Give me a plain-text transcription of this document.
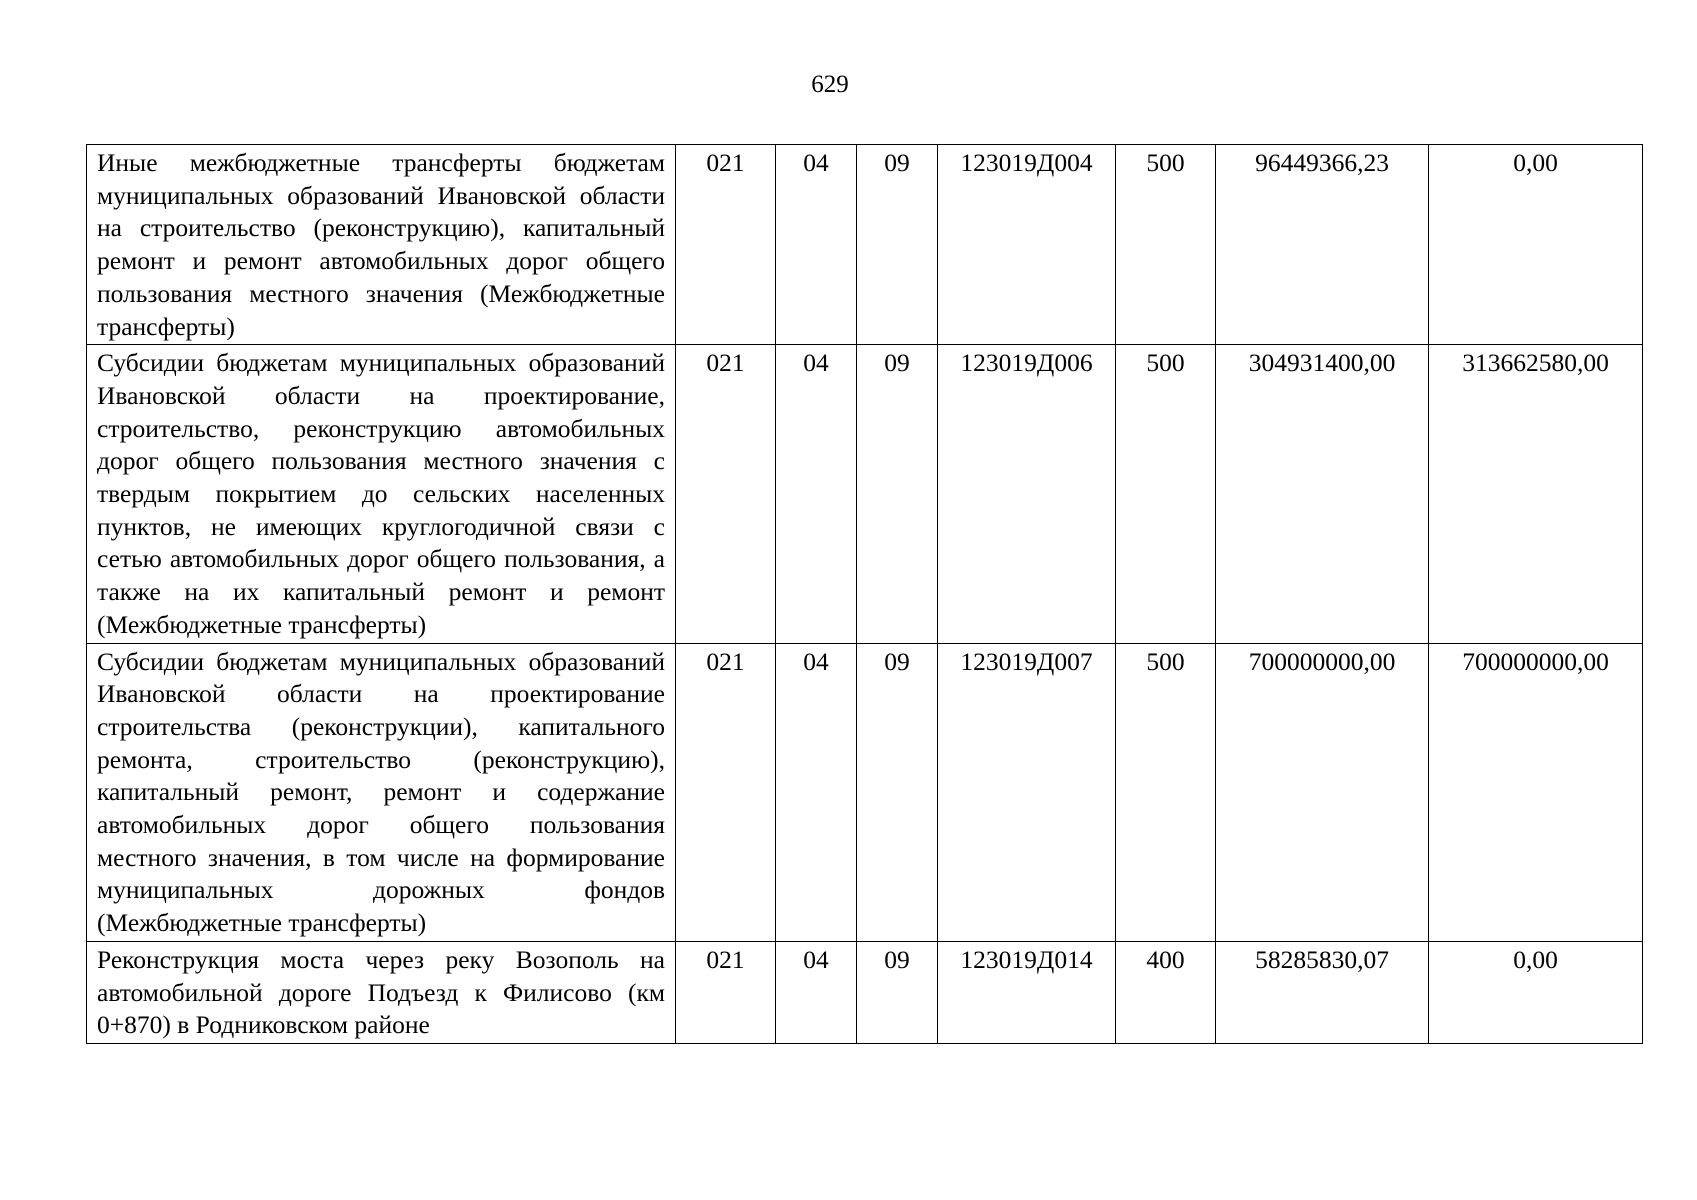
629
Иные межбюджетные трансферты бюджетам муниципальных образований Ивановской области на строительство (реконструкцию), капитальный ремонт и ремонт автомобильных дорог общего пользования местного значения (Межбюджетные трансферты)	021	04	09	123019Д004	500	96449366,23	0,00
Субсидии бюджетам муниципальных образований Ивановской области на проектирование, строительство, реконструкцию автомобильных дорог общего пользования местного значения с твердым покрытием до сельских населенных пунктов, не имеющих круглогодичной связи с сетью автомобильных дорог общего пользования, а также на их капитальный ремонт и ремонт (Межбюджетные трансферты)	021	04	09	123019Д006	500	304931400,00	313662580,00
Субсидии бюджетам муниципальных образований Ивановской области на проектирование строительства (реконструкции), капитального ремонта, строительство (реконструкцию), капитальный ремонт, ремонт и содержание автомобильных дорог общего пользования местного значения, в том числе на формирование муниципальных дорожных фондов (Межбюджетные трансферты)	021	04	09	123019Д007	500	700000000,00	700000000,00
Реконструкция моста через реку Возополь на автомобильной дороге Подъезд к Филисово (км 0+870) в Родниковском районе	021	04	09	123019Д014	400	58285830,07	0,00
